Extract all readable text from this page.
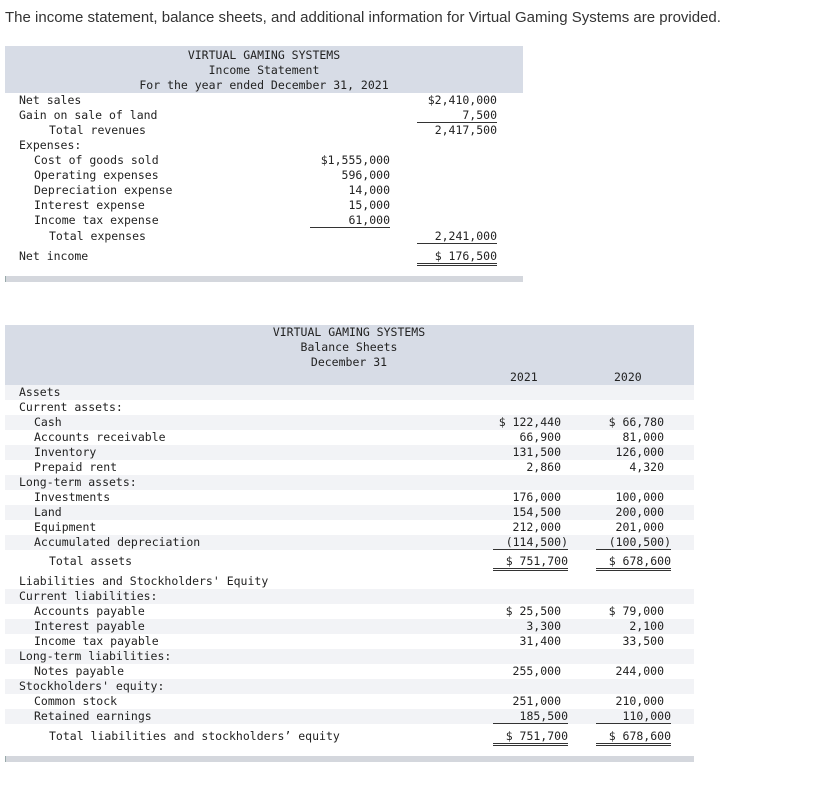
The income statement, balance sheets, and additional information for Virtual Gaming Systems are provided.
VIRTUAL GAMING SYSTEMS
Income Statement
For the year ended December 31, 2021
Net sales	$2,410,000
Gain on sale of land	7,500
Total revenues	2,417,500
Expenses:
Cost of goods sold	$1,555,000
Operating expenses	596,000
Depreciation expense	14,000
Interest expense	15,000
Income tax expense	61,000
Total expenses	2,241,000
Net income	$ 176,500
VIRTUAL GAMING SYSTEMS
Balance Sheets
December 31
2021	2020
Assets
Current assets:
Cash	$ 122,440	$ 66,780
Accounts receivable	66,900	81,000
Inventory	131,500	126,000
Prepaid rent	2,860	4,320
Long-term assets:
Investments	176,000	100,000
Land	154,500	200,000
Equipment	212,000	201,000
Accumulated depreciation	(114,500)	(100,500)
Total assets	$ 751,700	$ 678,600
Liabilities and Stockholders' Equity
Current liabilities:
Accounts payable	$ 25,500	$ 79,000
Interest payable	3,300	2,100
Income tax payable	31,400	33,500
Long-term liabilities:
Notes payable	255,000	244,000
Stockholders' equity:
Common stock	251,000	210,000
Retained earnings	185,500	110,000
Total liabilities and stockholders’ equity	$ 751,700	$ 678,600
